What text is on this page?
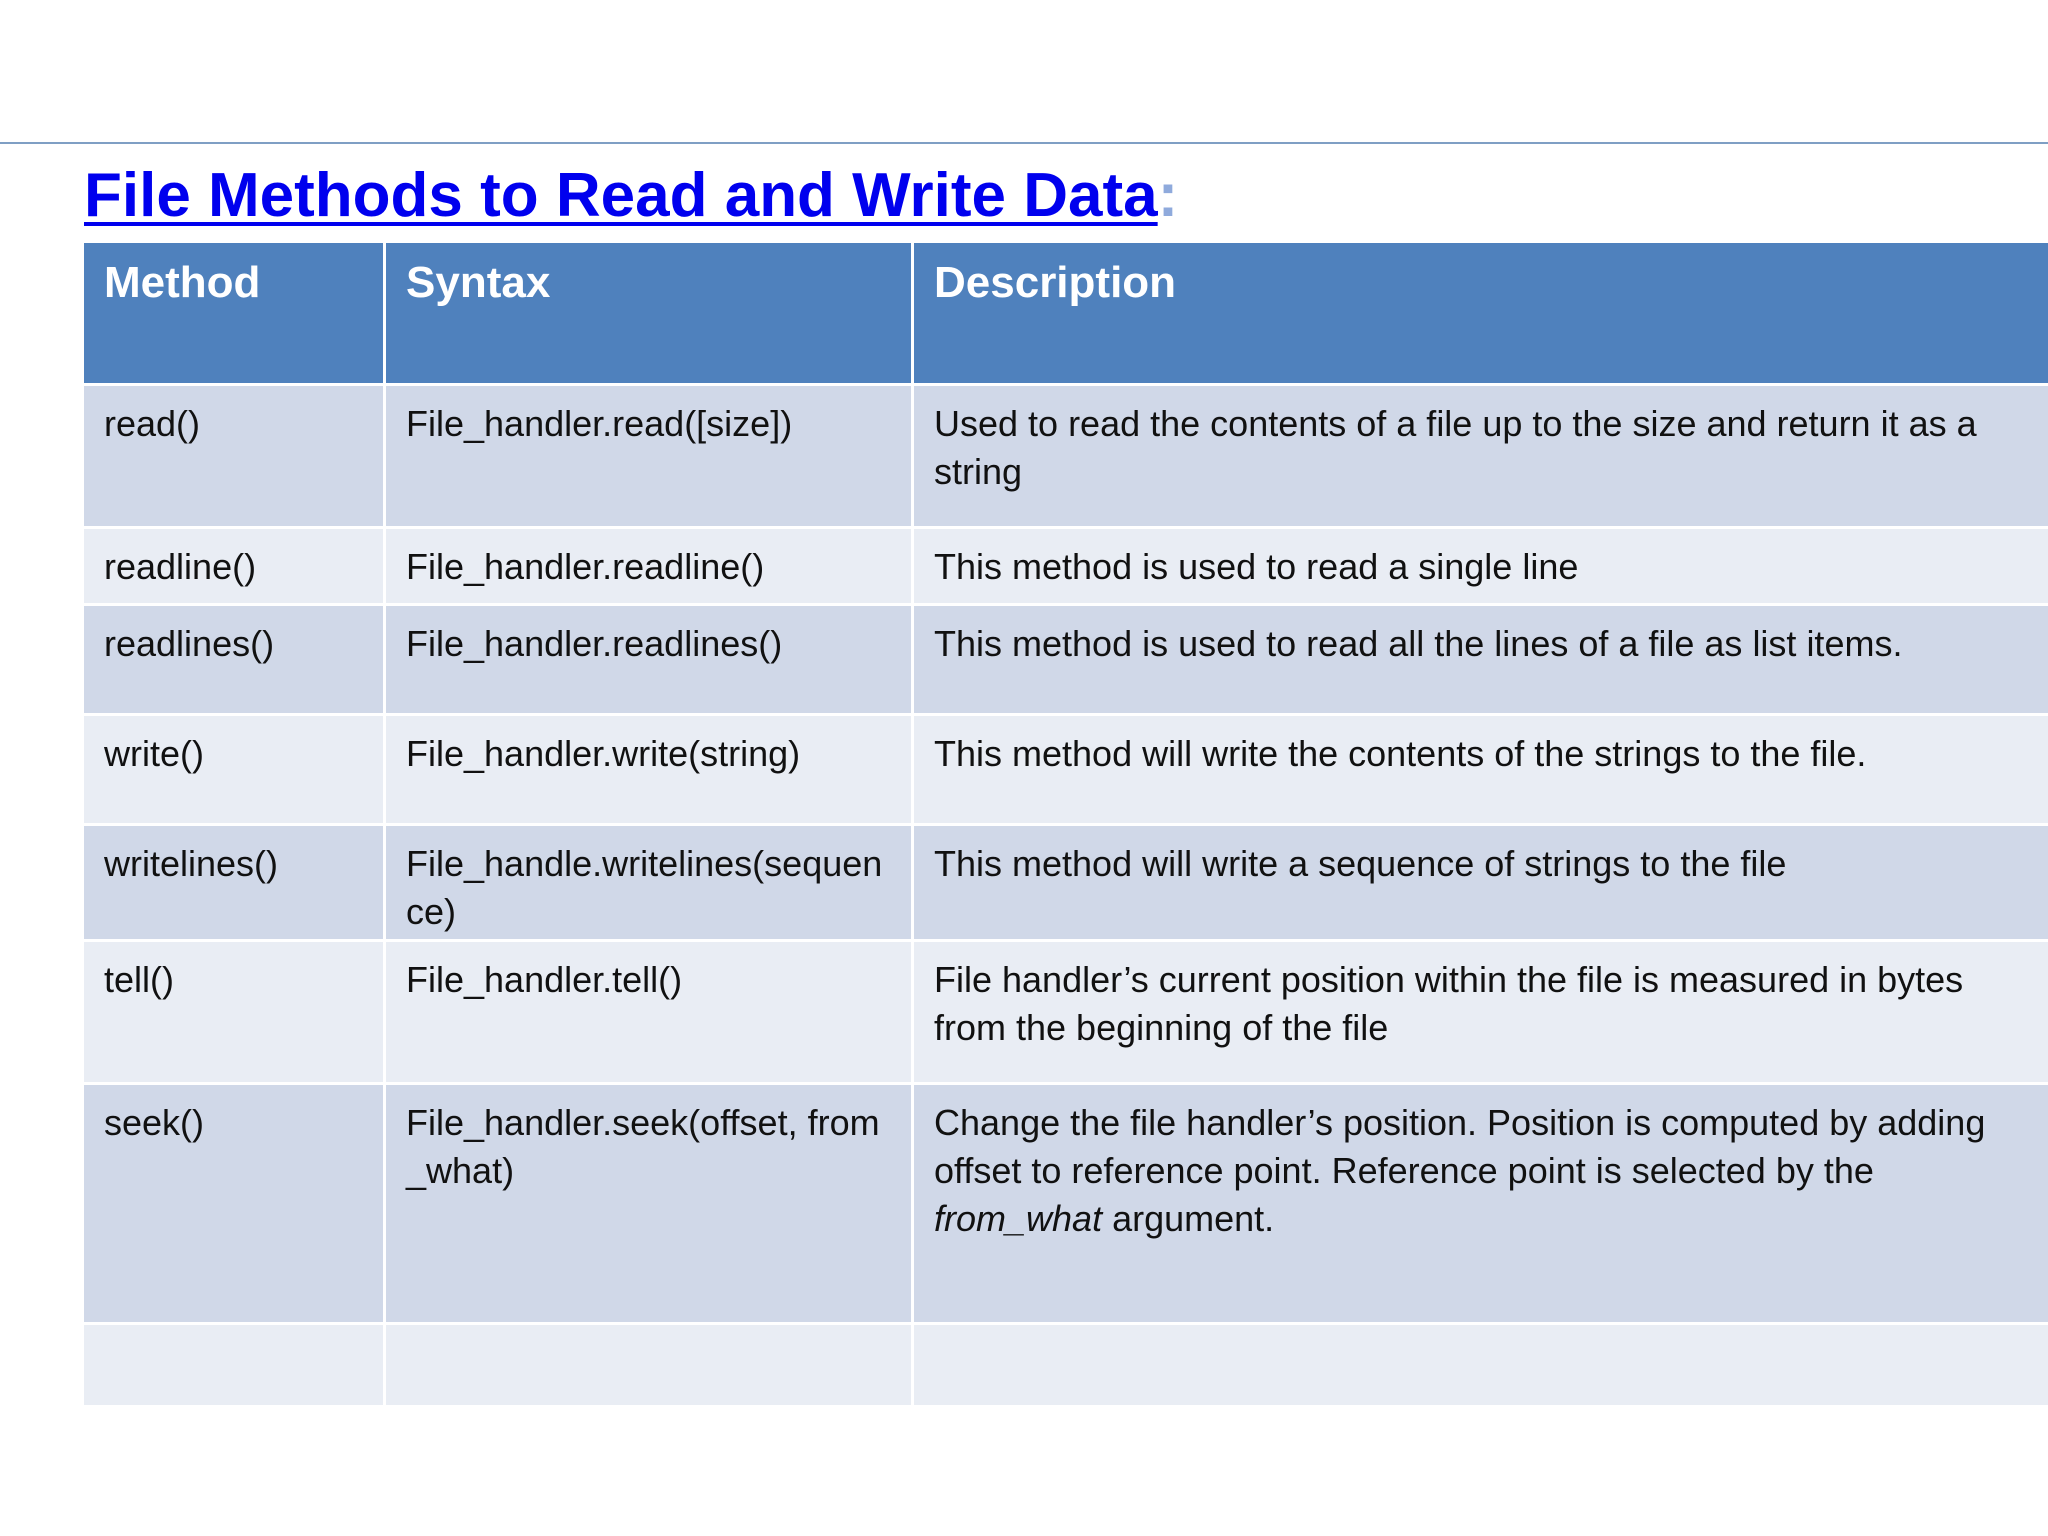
File Methods to Read and Write Data:
Method	Syntax	Description
read()	File_handler.read([size])	Used to read the contents of a file up to the size and return it as a string
readline()	File_handler.readline()	This method is used to read a single line
readlines()	File_handler.readlines()	This method is used to read all the lines of a file as list items.
write()	File_handler.write(string)	This method will write the contents of the strings to the file.
writelines()	File_handle.writelines(sequence)	This method will write a sequence of strings to the file
tell()	File_handler.tell()	File handler’s current position within the file is measured in bytes from the beginning of the file
seek()	File_handler.seek(offset, from_what)	Change the file handler’s position. Position is computed by adding offset to reference point. Reference point is selected by the from_what argument.
